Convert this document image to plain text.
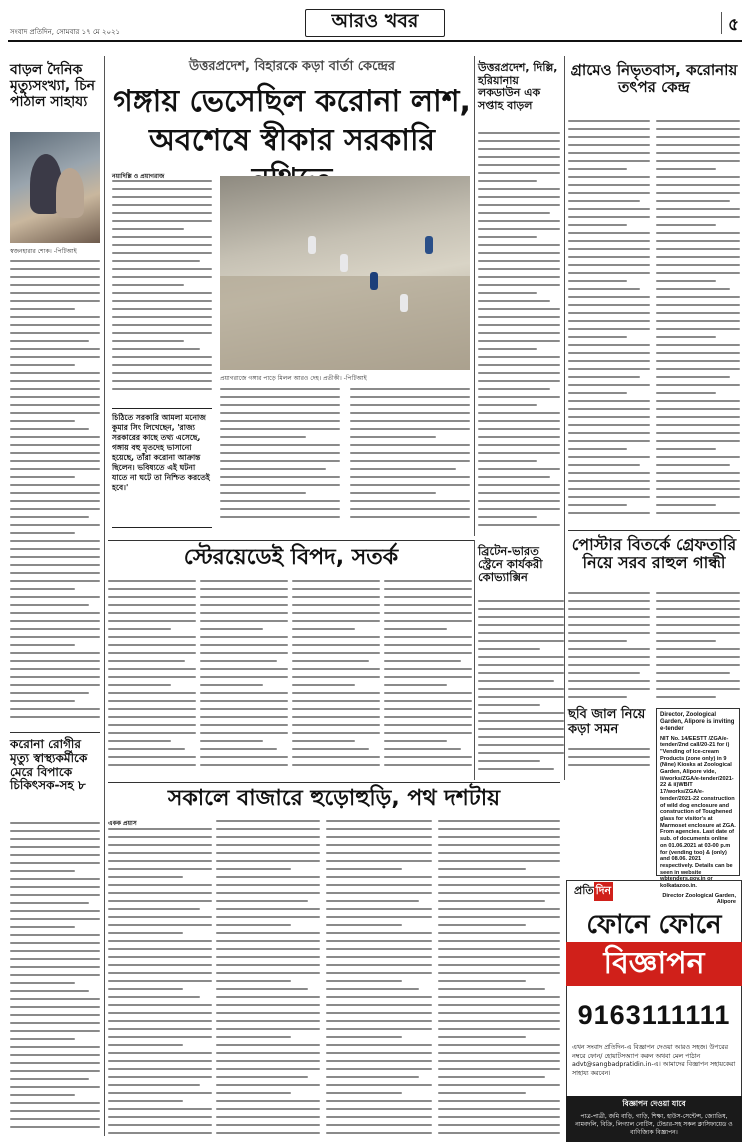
সংবাদ প্রতিদিন, সোমবার ১৭ মে ২০২১	আরও খবর	৫
বাড়ল দৈনিক মৃত্যুসংখ্যা, চিন পাঠাল সাহায্য
স্বজনহারার শোক। -পিটিআই
করোনা রোগীর মৃত্যু স্বাস্থ্যকর্মীকে মেরে বিপাকে চিকিৎসক-সহ ৮
উত্তরপ্রদেশ, বিহারকে কড়া বার্তা কেন্দ্রের
গঙ্গায় ভেসেছিল করোনা লাশ, অবশেষে স্বীকার সরকারি
নয়াদিল্লি ও প্রয়াগরাজ
প্রয়াগরাজে গঙ্গার পাড়ে মিলল আরও দেহ। প্রতীকী। -পিটিআই
চিঠিতে সরকারি আমলা মনোজ কুমার সিং লিখেছেন, 'রাজ্য সরকারের কাছে তথ্য এসেছে, গঙ্গায় বহু মৃতদেহ ভাসানো হয়েছে, তাঁরা করোনা আক্রান্ত ছিলেন। ভবিষ্যতে এই ঘটনা যাতে না ঘটে তা নিশ্চিত করতেই হবে।'
উত্তরপ্রদেশ, দিল্লি, হরিয়ানায় লকডাউন এক সপ্তাহ বাড়ল
গ্রামেও নিভৃতবাস, করোনায় তৎপর কেন্দ্র
স্টেরয়েডেই বিপদ, সতর্ক	ব্রিটেন-ভারত স্ট্রেনে কার্যকরী কোভ্যাক্সিন
পোস্টার বিতর্কে গ্রেফতারি নিয়ে সরব রাহুল গান্ধী
ছবি জাল নিয়ে কড়া সমন
Director, Zoological Garden, Alipore is inviting e-tender
NIT No. 14/EESTT /ZGA/e-tender/2nd call/20-21 for i) "Vending of Ice-cream Products (zone only) in 9 (Nine) Kiosks at Zoological Garden, Alipore vide, ii/works/ZGA/e-tender/2021-22 & ii)WBIT 17/works/ZGA/e-tender/2021-22 construction of wild dog enclosure and construction of Toughened glass for visitor's at Marmoset enclosure at ZGA. From agencies. Last date of sub. of documents online on 01.06.2021 at 03-00 p.m for (vending too) & (only) and 08.06. 2021 respectively. Details can be seen in website wbtenders.gov.in or kolkatazoo.in.
Director Zoological Garden, Alipore
সকালে বাজারে হুড়োহুড়ি, পথ দশটায়
একক প্রয়াস
প্রতি দিন
ফোনে ফোনে
বিজ্ঞাপন
9163111111
এখন সংবাদ প্রতিদিন-এ বিজ্ঞাপন দেওয়া আরও সহজ। উপরের নম্বরে ফোন/ হোয়াটসঅ্যাপ করুন অথবা মেল পাঠান advt@sangbadpratidin.in-এ। আমাদের বিজ্ঞাপন সহায়কেরা সাহায্য করবেন।
বিজ্ঞাপন দেওয়া যাবে
পাত্র-পাত্রী, জমি বাড়ি, গাড়ি, শিক্ষা, হাউস-সেন্টেন্স, জ্যোতিষ, নামবদলি, বিক্রি, লিগ্যাল নোটিস, টেন্ডার-সহ সকল ক্লাসিফায়েড ও বাণিজ্যিক বিজ্ঞাপন।
